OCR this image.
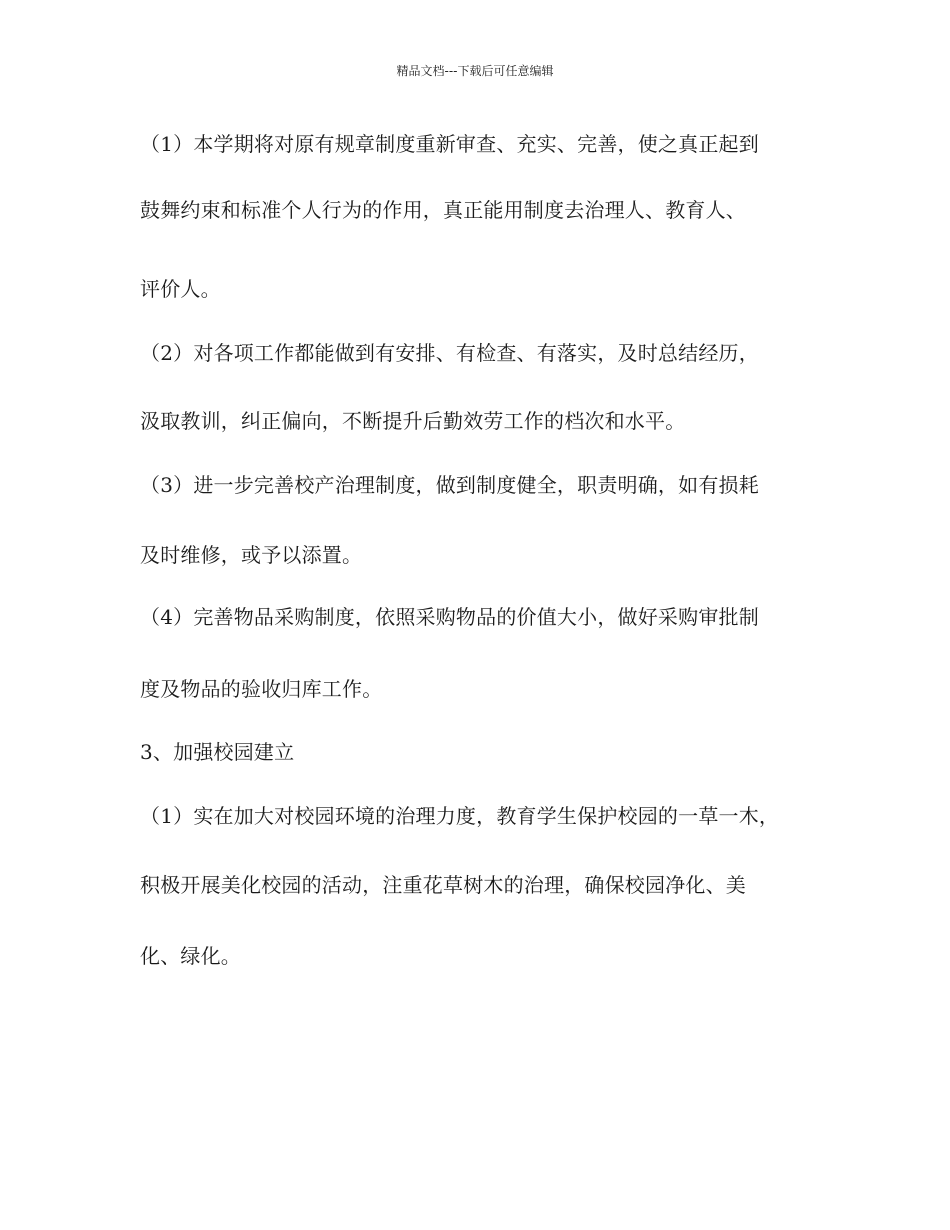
精品文档---下载后可任意编辑
（1）本学期将对原有规章制度重新审查、充实、完善，使之真正起到
鼓舞约束和标准个人行为的作用，真正能用制度去治理人、教育人、
评价人。
（2）对各项工作都能做到有安排、有检查、有落实，及时总结经历，
汲取教训，纠正偏向，不断提升后勤效劳工作的档次和水平。
（3）进一步完善校产治理制度，做到制度健全，职责明确，如有损耗
及时维修，或予以添置。
（4）完善物品采购制度，依照采购物品的价值大小，做好采购审批制
度及物品的验收归库工作。
3、加强校园建立
（1）实在加大对校园环境的治理力度，教育学生保护校园的一草一木，
积极开展美化校园的活动，注重花草树木的治理，确保校园净化、美
化、绿化。
